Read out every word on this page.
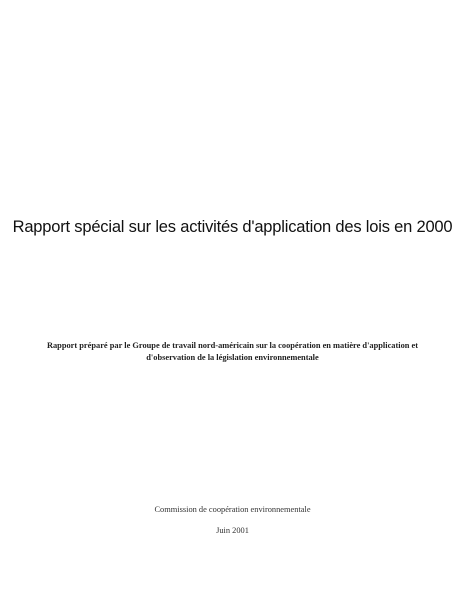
Rapport spécial sur les activités d'application des lois en 2000
Rapport préparé par le Groupe de travail nord-américain sur la coopération en matière d'application et
d'observation de la législation environnementale
Commission de coopération environnementale
Juin 2001
